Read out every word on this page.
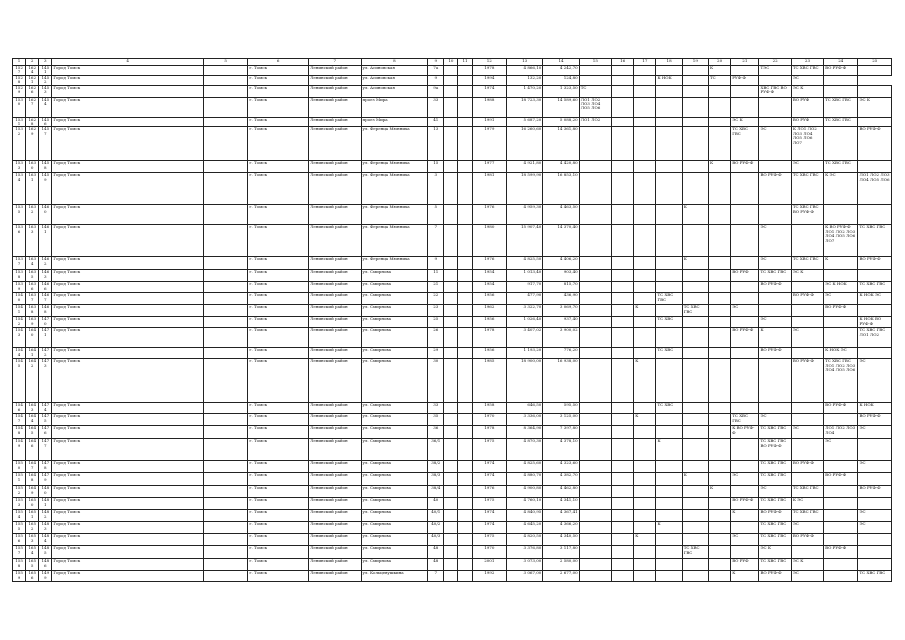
1	2	3	4	5	6	7	8	9	10	11	12	13	14	15	16	17	18	19	20	21	22	23	24	25
1527	1624	1451	Город Томск		г. Томск	Ленинский район	ул. Асиновская	7а			1978	4 866,10	4 242,70						К		ТЭС	ТС ХВС ГВС	ВО РУФ-Ф	
1528	1621	1452	Город Томск		г. Томск	Ленинский район	ул. Асиновская	9			1994	132,20	124,80				К НОК		ТС	РУФ-Ф		ЭС		
1529	1626	1453	Город Томск		г. Томск	Ленинский район	ул. Асиновская	9а			1974	1 470,20	1 323,50	ТС							ХВС ГВС ВО РУФ-Ф	ЭС К		
1530	1627	1454	Город Томск		г. Томск	Ленинский район	проез Мира	33			1988	18 723,30	14 589,60	ЛО1 ЛО2 ЛО3 ЛО4 ЛО5 ЛО6								ВО РУФ	ТС ХВС ГВС	ЭС К
1531	1628	1456	Город Томск		г. Томск	Ленинский район	проез Мира	41			1991	5 687,20	5 088,20	ЛО1 ЛО2						ЭС К		ВО РУФ	ТС ХВС ГВС	
1532	1629	1457	Город Томск		г. Томск	Ленинский район	ул. Ференца Мюнниха	13			1979	16 260,60	14 361,80							ТС ХВС ГВС	ЭС	К ЛО1 ЛО2 ЛО3 ЛО4 ЛО5 ЛО6 ЛО7		ВО РУФ-Ф
1533	1630	1458	Город Томск		г. Томск	Ленинский район	ул. Ференца Мюнниха	15			1977	4 921,80	4 420,80						К	ВО РУФ-Ф		ЭС	ТС ХВС ГВС	
1534	1631	1459	Город Томск		г. Томск	Ленинский район	ул. Ференца Мюнниха	3			1981	18 599,90	16 853,10								ВО РУФ-Ф	ТС ХВС ГВС	К ЭС	ЛО1 ЛО2 ЛО3 ЛО4 ЛО5 ЛО6
1535	1632	1460	Город Томск		г. Томск	Ленинский район	ул. Ференца Мюнниха	5			1976	4 959,30	4 463,50					К				ТС ХВС ГВС ВО РУФ-Ф		
1536	1633	1461	Город Томск		г. Томск	Ленинский район	ул. Ференца Мюнниха	7			1980	15 907,40	14 370,40								ЭС		К ВО РУФ-Ф ЛО1 ЛО2 ЛО3 ЛО4 ЛО5 ЛО6 ЛО7	ТС ХВС ГВС
1537	1634	1462	Город Томск		г. Томск	Ленинский район	ул. Ференца Мюнниха	9			1976	4 825,50	4 406,20					К			ЭС	ТС ХВС ГВС	К	ВО РУФ-Ф
1538	1635	1463	Город Томск		г. Томск	Ленинский район	ул. Смирнова	11			1954	1 013,40	903,40							ВО РУФ	ТС ХВС ГВС	ЭС К		
1539	1636	1466	Город Томск		г. Томск	Ленинский район	ул. Смирнова	21			1954	917,70	815,70								ВО РУФ-Ф		ЭС К НОК	ТС ХВС ГВС
1540	1637	1467	Город Томск		г. Томск	Ленинский район	ул. Смирнова	22			1956	477,90	436,90				ТС ХВС ГВС					ВО РУФ-Ф	ЭС	К НОК ЭС
1541	1638	1468	Город Томск		г. Томск	Ленинский район	ул. Смирнова	23			1962	3 322,70	3 069,70			К		ТС ХВС ГВС		ЭС			ВО РУФ-Ф	
1542	1639	1470	Город Томск		г. Томск	Ленинский район	ул. Смирнова	25			1956	1 026,40	937,40				ТС ХВС				ЭС			К НОК ВО РУФ-Ф
1543	1640	1471	Город Томск		г. Томск	Ленинский район	ул. Смирнова	26			1978	3 407,02	3 900,02							ВО РУФ-Ф	К	ЭС		ТС ХВС ГВС ЛО1 ЛО2
1544	1641	1472	Город Томск		г. Томск	Ленинский район	ул. Смирнова	29			1956	1 193,20	776,20				ТС ХВС				ВО РУФ-Ф		К НОК ЭС	
1545	1642	1473	Город Томск		г. Томск	Ленинский район	ул. Смирнова	30			1985	18 900,00	16 938,00			К						ВО РУФ-Ф	ТС ХВС ГВС ЛО1 ЛО2 ЛО3 ЛО4 ЛО5 ЛО6	ЭС
1546	1643	1474	Город Томск		г. Томск	Ленинский район	ул. Смирнова	33			1958	646,50	595,50				ТС ХВС						ВО РУФ-Ф	К НОК
1547	1644	1475	Город Томск		г. Томск	Ленинский район	ул. Смирнова	35			1970	3 336,00	3 125,00			К				ТС ХВС ГВС	ЭС			ВО РУФ-Ф
1548	1645	1476	Город Томск		г. Томск	Ленинский район	ул. Смирнова	36			1978	8 364,90	7 397,80							К ВО РУФ-Ф	ТС ХВС ГВС	ЭС	ЛО1 ЛО2 ЛО3 ЛО4	ЭС
1549	1646	1477	Город Томск		г. Томск	Ленинский район	ул. Смирнова	36/1			1975	4 870,30	4 378,10				К				ТС ХВС ГВС ВО РУФ-Ф		ЭС	
1550	1647	1478	Город Томск		г. Томск	Ленинский район	ул. Смирнова	38/2			1974	4 825,60	4 323,60								ТС ХВС ГВС	ВО РУФ-Ф		ЭС
1551	1648	1479	Город Томск		г. Томск	Ленинский район	ул. Смирнова	38/3			1974	4 880,70	4 382,70					К		ЭС	ТС ХВС ГВС		ВО РУФ-Ф	
1552	1649	1480	Город Томск		г. Томск	Ленинский район	ул. Смирнова	38/4			1976	4 900,80	4 462,80						К		ЭС	ТС ХВС ГВС		ВО РУФ-Ф
1553	1650	1481	Город Томск		г. Томск	Ленинский район	ул. Смирнова	40			1975	4 760,10	4 341,10							ВО РУФ-Ф	ТС ХВС ГВС	К ЭС		
1554	1651	1482	Город Томск		г. Томск	Ленинский район	ул. Смирнова	40/1			1974	4 840,95	4 367,41							К	ВО РУФ-Ф	ТС ХВС ГВС		ЭС
1555	1652	1483	Город Томск		г. Томск	Ленинский район	ул. Смирнова	40/2			1974	4 645,20	4 366,20				К				ТС ХВС ГВС	ЭС		ЭС
1556	1653	1484	Город Томск		г. Томск	Ленинский район	ул. Смирнова	40/3			1975	4 820,50	4 340,50			К				ЭС	ТС ХВС ГВС	ВО РУФ-Ф		
1557	1654	1485	Город Томск		г. Томск	Ленинский район	ул. Смирнова	48			1970	3 376,80	3 117,80					ТС ХВС ГВС			ЭС К		ВО РУФ-Ф	
1558	1655	1486	Город Томск		г. Томск	Ленинский район	ул. Смирнова	48			2001	3 073,00	2 580,00							ВО РУФ	ТС ХВС ГВС	ЭС К		
1559	1656	1499	Город Томск		г. Томск	Ленинский район	ул. Кольцевушкина	7			1992	3 067,00	2 677,00							К	ВО РУФ-Ф	ЭС		ТС ХВС ГВС
